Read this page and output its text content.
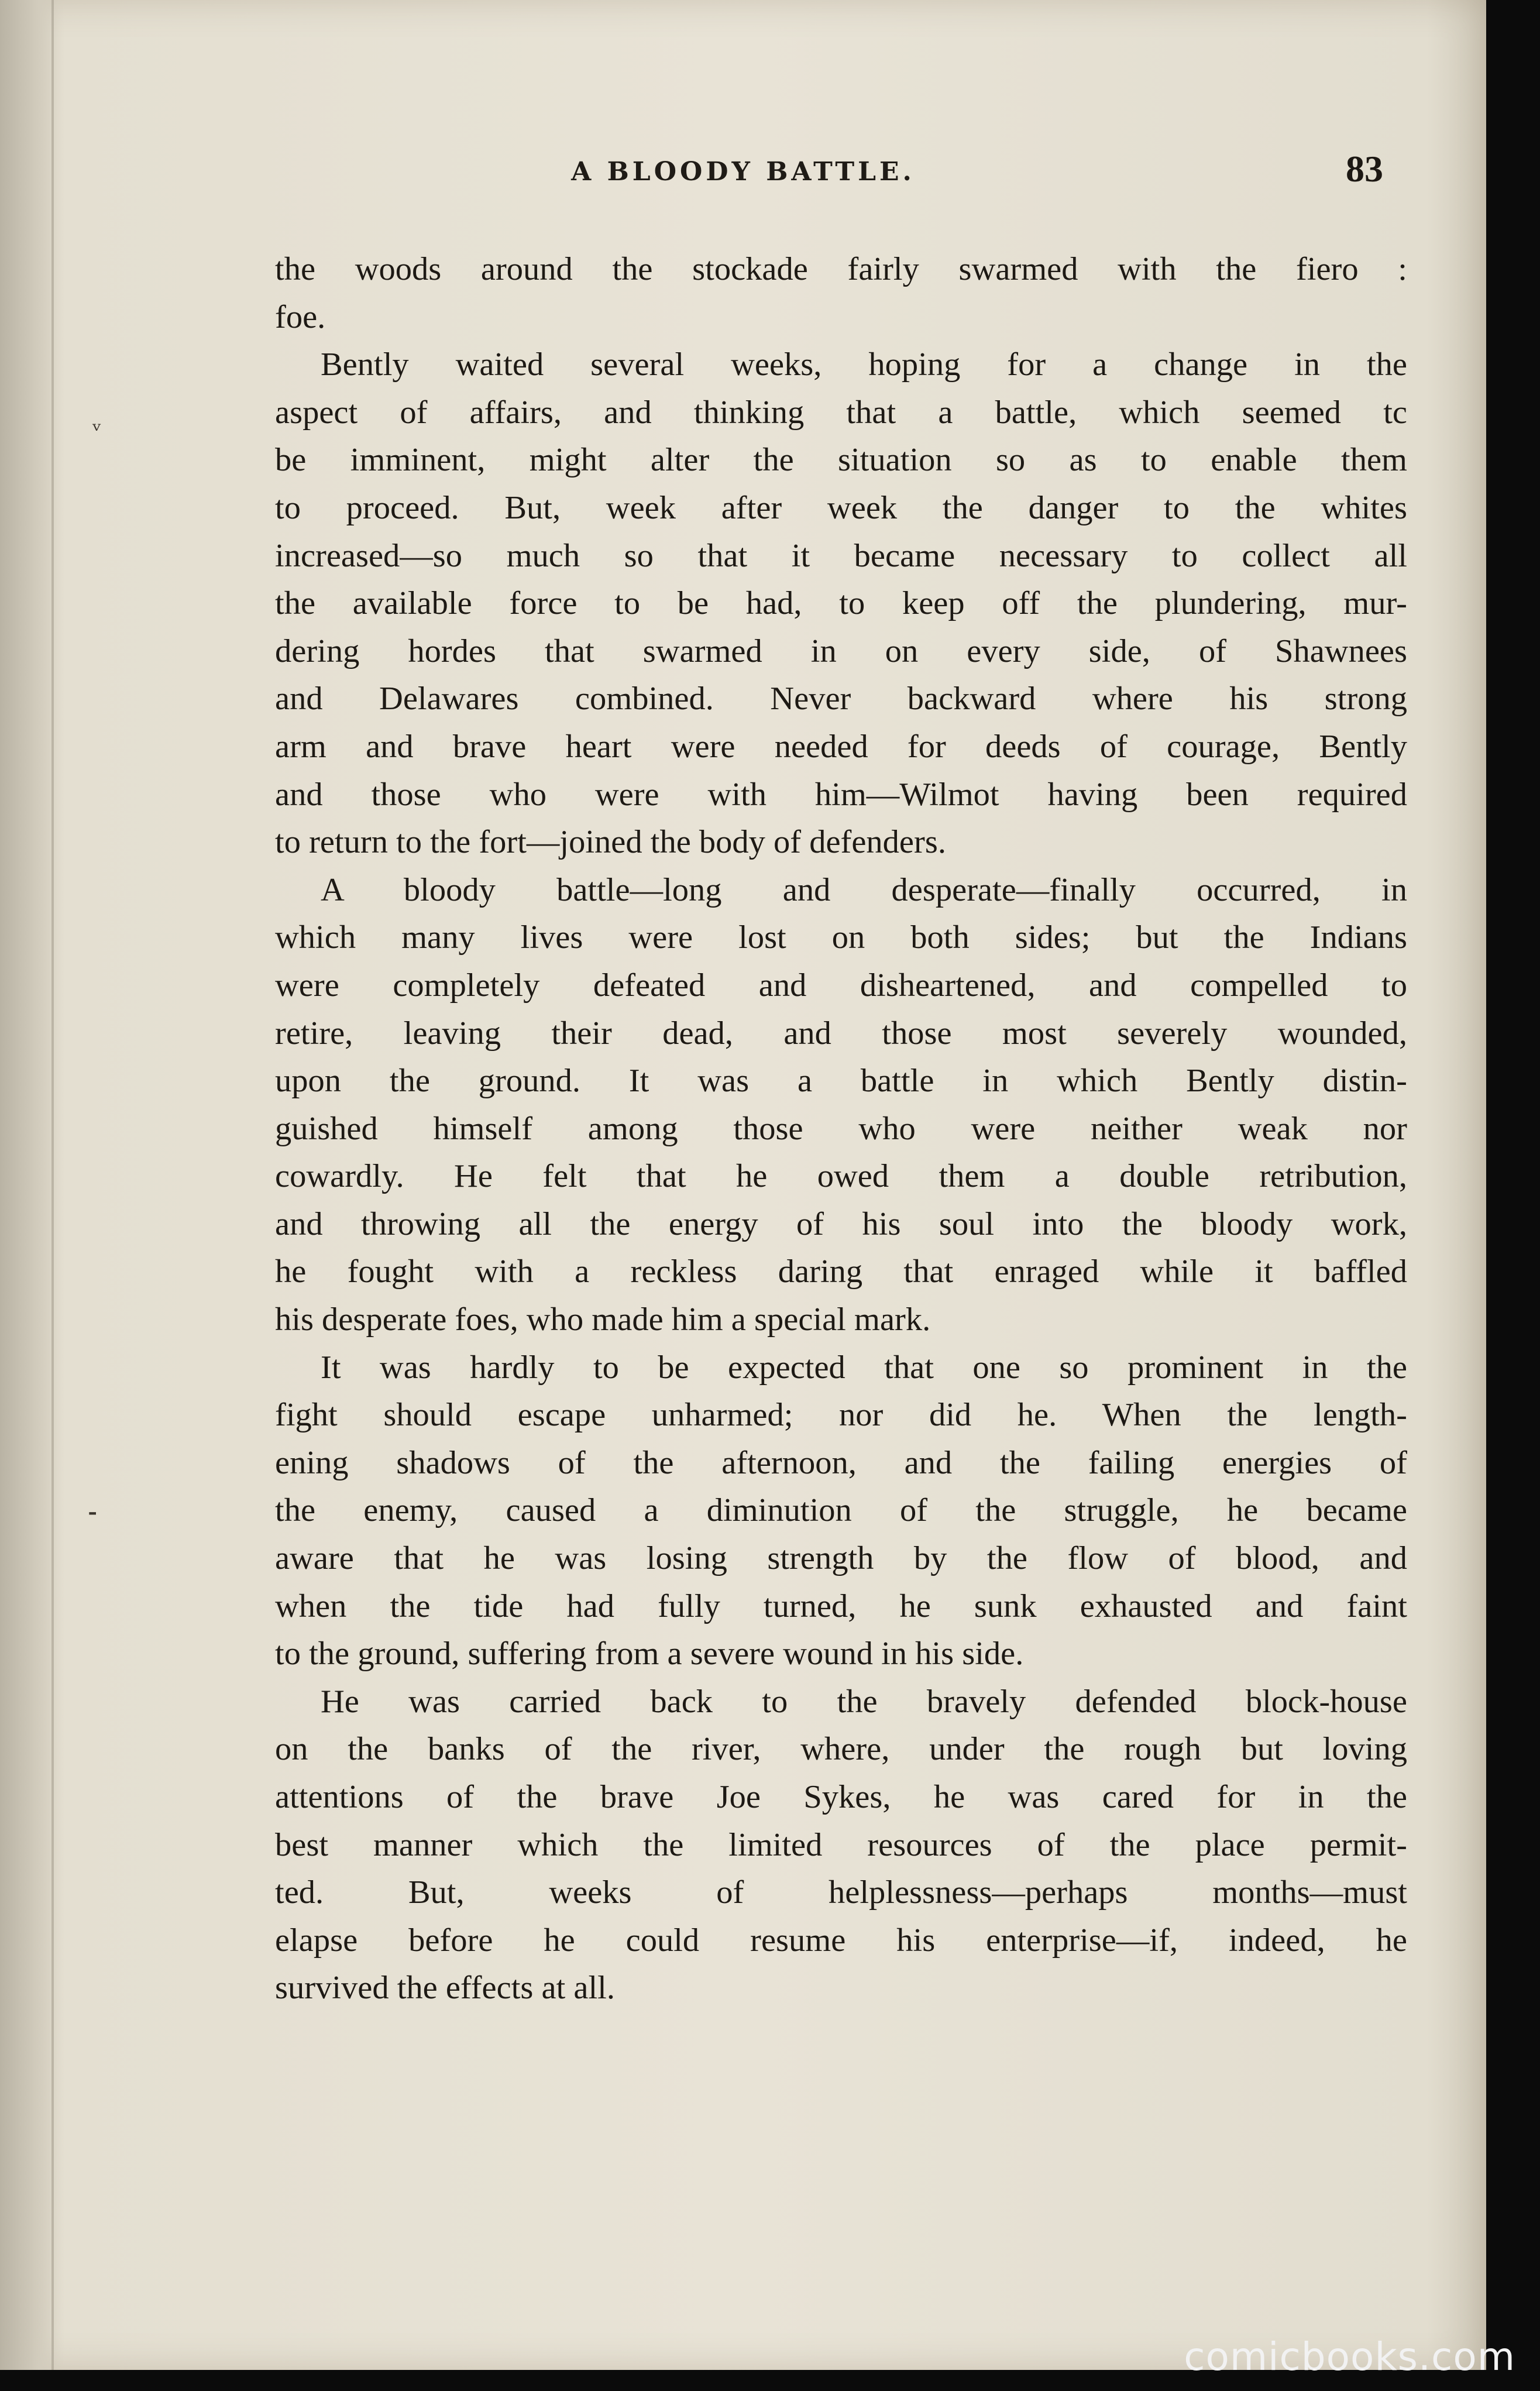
ᵥ
⁃
A BLOODY BATTLE.	83
the woods around the stockade fairly swarmed with the fiero :
foe.
Bently waited several weeks, hoping for a change in the
aspect of affairs, and thinking that a battle, which seemed tc
be imminent, might alter the situation so as to enable them
to proceed. But, week after week the danger to the whites
increased—so much so that it became necessary to collect all
the available force to be had, to keep off the plundering, mur-
dering hordes that swarmed in on every side, of Shawnees
and Delawares combined. Never backward where his strong
arm and brave heart were needed for deeds of courage, Bently
and those who were with him—Wilmot having been required
to return to the fort—joined the body of defenders.
A bloody battle—long and desperate—finally occurred, in
which many lives were lost on both sides; but the Indians
were completely defeated and disheartened, and compelled to
retire, leaving their dead, and those most severely wounded,
upon the ground. It was a battle in which Bently distin-
guished himself among those who were neither weak nor
cowardly. He felt that he owed them a double retribution,
and throwing all the energy of his soul into the bloody work,
he fought with a reckless daring that enraged while it baffled
his desperate foes, who made him a special mark.
It was hardly to be expected that one so prominent in the
fight should escape unharmed; nor did he. When the length-
ening shadows of the afternoon, and the failing energies of
the enemy, caused a diminution of the struggle, he became
aware that he was losing strength by the flow of blood, and
when the tide had fully turned, he sunk exhausted and faint
to the ground, suffering from a severe wound in his side.
He was carried back to the bravely defended block-house
on the banks of the river, where, under the rough but loving
attentions of the brave Joe Sykes, he was cared for in the
best manner which the limited resources of the place permit-
ted. But, weeks of helplessness—perhaps months—must
elapse before he could resume his enterprise—if, indeed, he
survived the effects at all.
comicbooks.com
